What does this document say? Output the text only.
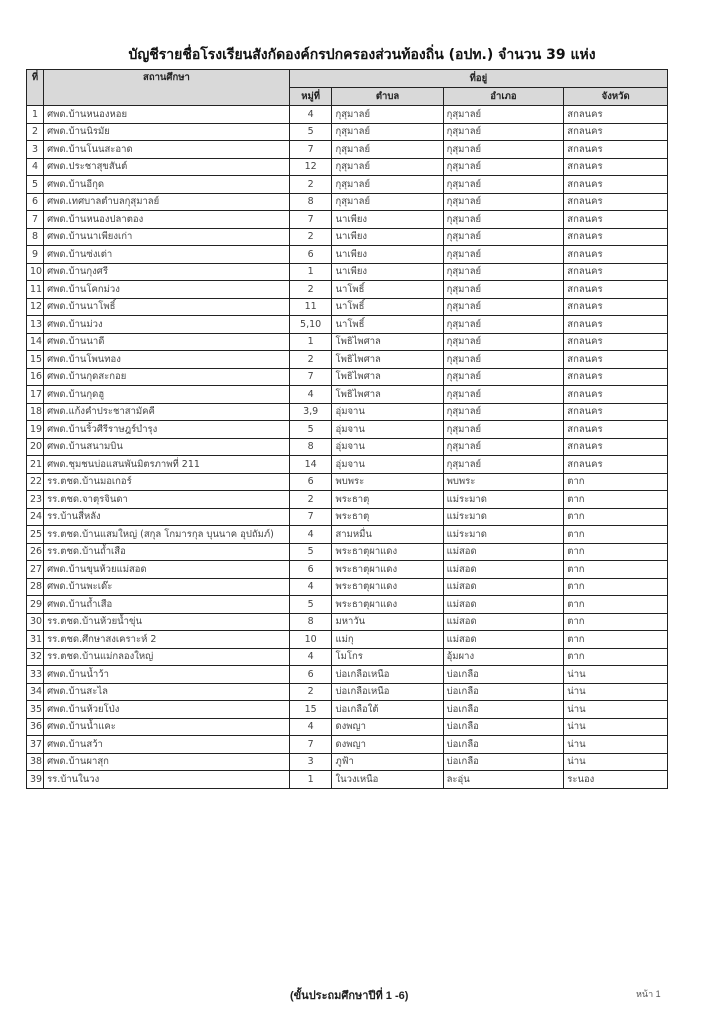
บัญชีรายชื่อโรงเรียนสังกัดองค์กรปกครองส่วนท้องถิ่น (อปท.) จำนวน 39 แห่ง
ที่	สถานศึกษา	ที่อยู่			
		หมู่ที่	ตำบล	อำเภอ	จังหวัด
1	ศพด.บ้านหนองหอย	4	กุสุมาลย์	กุสุมาลย์	สกลนคร
2	ศพด.บ้านนิรมัย	5	กุสุมาลย์	กุสุมาลย์	สกลนคร
3	ศพด.บ้านโนนสะอาด	7	กุสุมาลย์	กุสุมาลย์	สกลนคร
4	ศพด.ประชาสุขสันต์	12	กุสุมาลย์	กุสุมาลย์	สกลนคร
5	ศพด.บ้านอีกุด	2	กุสุมาลย์	กุสุมาลย์	สกลนคร
6	ศพด.เทศบาลตำบลกุสุมาลย์	8	กุสุมาลย์	กุสุมาลย์	สกลนคร
7	ศพด.บ้านหนองปลาตอง	7	นาเพียง	กุสุมาลย์	สกลนคร
8	ศพด.บ้านนาเพียงเก่า	2	นาเพียง	กุสุมาลย์	สกลนคร
9	ศพด.บ้านซ่งเต่า	6	นาเพียง	กุสุมาลย์	สกลนคร
10	ศพด.บ้านกุงศรี	1	นาเพียง	กุสุมาลย์	สกลนคร
11	ศพด.บ้านโคกม่วง	2	นาโพธิ์	กุสุมาลย์	สกลนคร
12	ศพด.บ้านนาโพธิ์	11	นาโพธิ์	กุสุมาลย์	สกลนคร
13	ศพด.บ้านม่วง	5,10	นาโพธิ์	กุสุมาลย์	สกลนคร
14	ศพด.บ้านนาดี	1	โพธิไพศาล	กุสุมาลย์	สกลนคร
15	ศพด.บ้านโพนทอง	2	โพธิไพศาล	กุสุมาลย์	สกลนคร
16	ศพด.บ้านกุดสะกอย	7	โพธิไพศาล	กุสุมาลย์	สกลนคร
17	ศพด.บ้านกุดฮู	4	โพธิไพศาล	กุสุมาลย์	สกลนคร
18	ศพด.แก้งคำประชาสามัคคี	3,9	อุ่มจาน	กุสุมาลย์	สกลนคร
19	ศพด.บ้านริ้วศีรีราษฎร์บำรุง	5	อุ่มจาน	กุสุมาลย์	สกลนคร
20	ศพด.บ้านสนามบิน	8	อุ่มจาน	กุสุมาลย์	สกลนคร
21	ศพด.ชุมชนบ่อแสนพันมิตรภาพที่ 211	14	อุ่มจาน	กุสุมาลย์	สกลนคร
22	รร.ตชด.บ้านมอเกอร์	6	พบพระ	พบพระ	ตาก
23	รร.ตชด.จาตุรจินดา	2	พระธาตุ	แม่ระมาด	ตาก
24	รร.บ้านสี่หลัง	7	พระธาตุ	แม่ระมาด	ตาก
25	รร.ตชด.บ้านแสมใหญ่ (สกุล โกมารกุล บุนนาค อุปถัมภ์)	4	สามหมื่น	แม่ระมาด	ตาก
26	รร.ตชด.บ้านถ้ำเสือ	5	พระธาตุผาแดง	แม่สอด	ตาก
27	ศพด.บ้านขุนห้วยแม่สอด	6	พระธาตุผาแดง	แม่สอด	ตาก
28	ศพด.บ้านพะเด๊ะ	4	พระธาตุผาแดง	แม่สอด	ตาก
29	ศพด.บ้านถ้ำเสือ	5	พระธาตุผาแดง	แม่สอด	ตาก
30	รร.ตชด.บ้านห้วยน้ำขุ่น	8	มหาวัน	แม่สอด	ตาก
31	รร.ตชด.ศึกษาสงเคราะห์ 2	10	แม่กุ	แม่สอด	ตาก
32	รร.ตชด.บ้านแม่กลองใหญ่	4	โมโกร	อุ้มผาง	ตาก
33	ศพด.บ้านน้ำว้า	6	บ่อเกลือเหนือ	บ่อเกลือ	น่าน
34	ศพด.บ้านสะไล	2	บ่อเกลือเหนือ	บ่อเกลือ	น่าน
35	ศพด.บ้านห้วยโป่ง	15	บ่อเกลือใต้	บ่อเกลือ	น่าน
36	ศพด.บ้านน้ำแคะ	4	ดงพญา	บ่อเกลือ	น่าน
37	ศพด.บ้านสว้า	7	ดงพญา	บ่อเกลือ	น่าน
38	ศพด.บ้านผาสุก	3	ภูฟ้า	บ่อเกลือ	น่าน
39	รร.บ้านในวง	1	ในวงเหนือ	ละอุ่น	ระนอง
(ขั้นประถมศึกษาปีที่ 1 -6)	หน้า 1
